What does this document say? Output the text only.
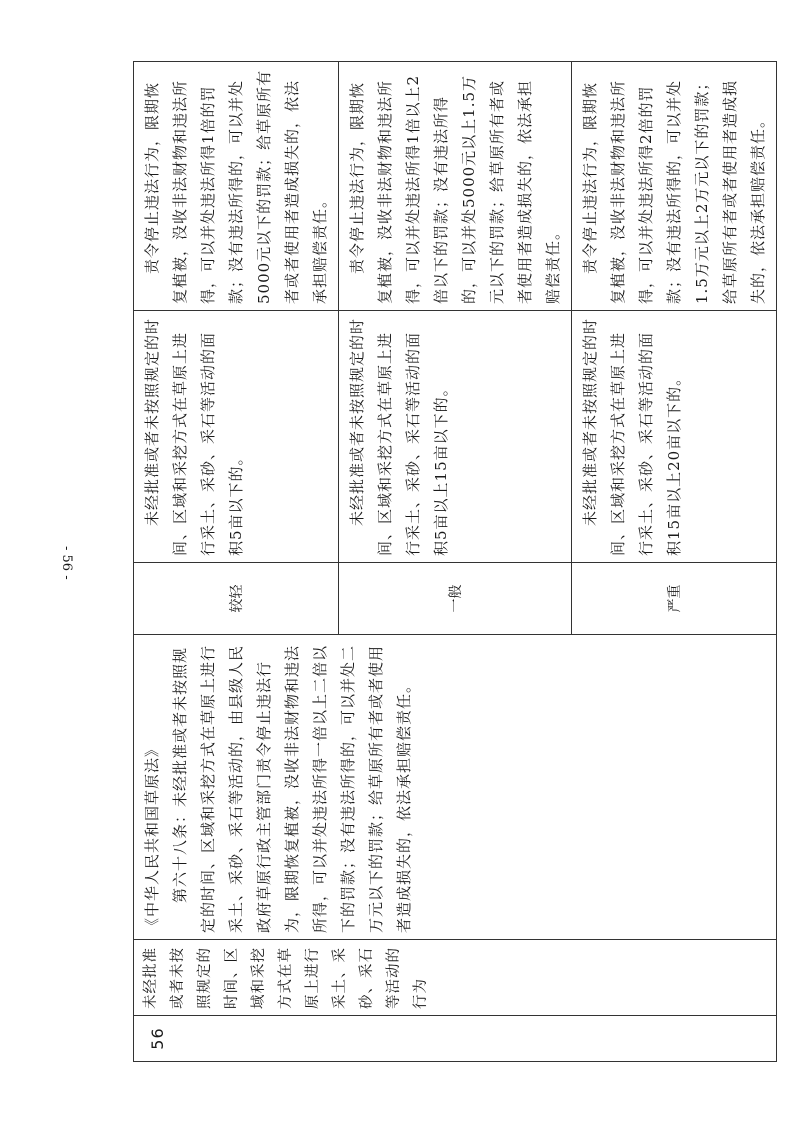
- 56 -
56	未经批准或者未按照规定的时间、区域和采挖方式在草原上进行采土、采砂、采石等活动的行为	《中华人民共和国草原法》 第六十八条：未经批准或者未按照规定的时间、区域和采挖方式在草原上进行采土、采砂、采石等活动的，由县级人民政府草原行政主管部门责令停止违法行为，限期恢复植被，没收非法财物和违法所得，可以并处违法所得一倍以上二倍以下的罚款；没有违法所得的，可以并处二万元以下的罚款；给草原所有者或者使用者造成损失的，依法承担赔偿责任。	较轻	未经批准或者未按照规定的时间、区域和采挖方式在草原上进行采土、采砂、采石等活动的面积5亩以下的。	责令停止违法行为，限期恢复植被，没收非法财物和违法所得，可以并处违法所得1倍的罚款；没有违法所得的，可以并处5000元以下的罚款；给草原所有者或者使用者造成损失的，依法承担赔偿责任。

			一般	未经批准或者未按照规定的时间、区域和采挖方式在草原上进行采土、采砂、采石等活动的面积5亩以上15亩以下的。	责令停止违法行为，限期恢复植被，没收非法财物和违法所得，可以并处违法所得1倍以上2倍以下的罚款；没有违法所得的，可以并处5000元以上1.5万元以下的罚款；给草原所有者或者使用者造成损失的，依法承担赔偿责任。

			严重	未经批准或者未按照规定的时间、区域和采挖方式在草原上进行采土、采砂、采石等活动的面积15亩以上20亩以下的。	责令停止违法行为，限期恢复植被，没收非法财物和违法所得，可以并处违法所得2倍的罚款；没有违法所得的，可以并处1.5万元以上2万元以下的罚款；给草原所有者或者使用者造成损失的，依法承担赔偿责任。
